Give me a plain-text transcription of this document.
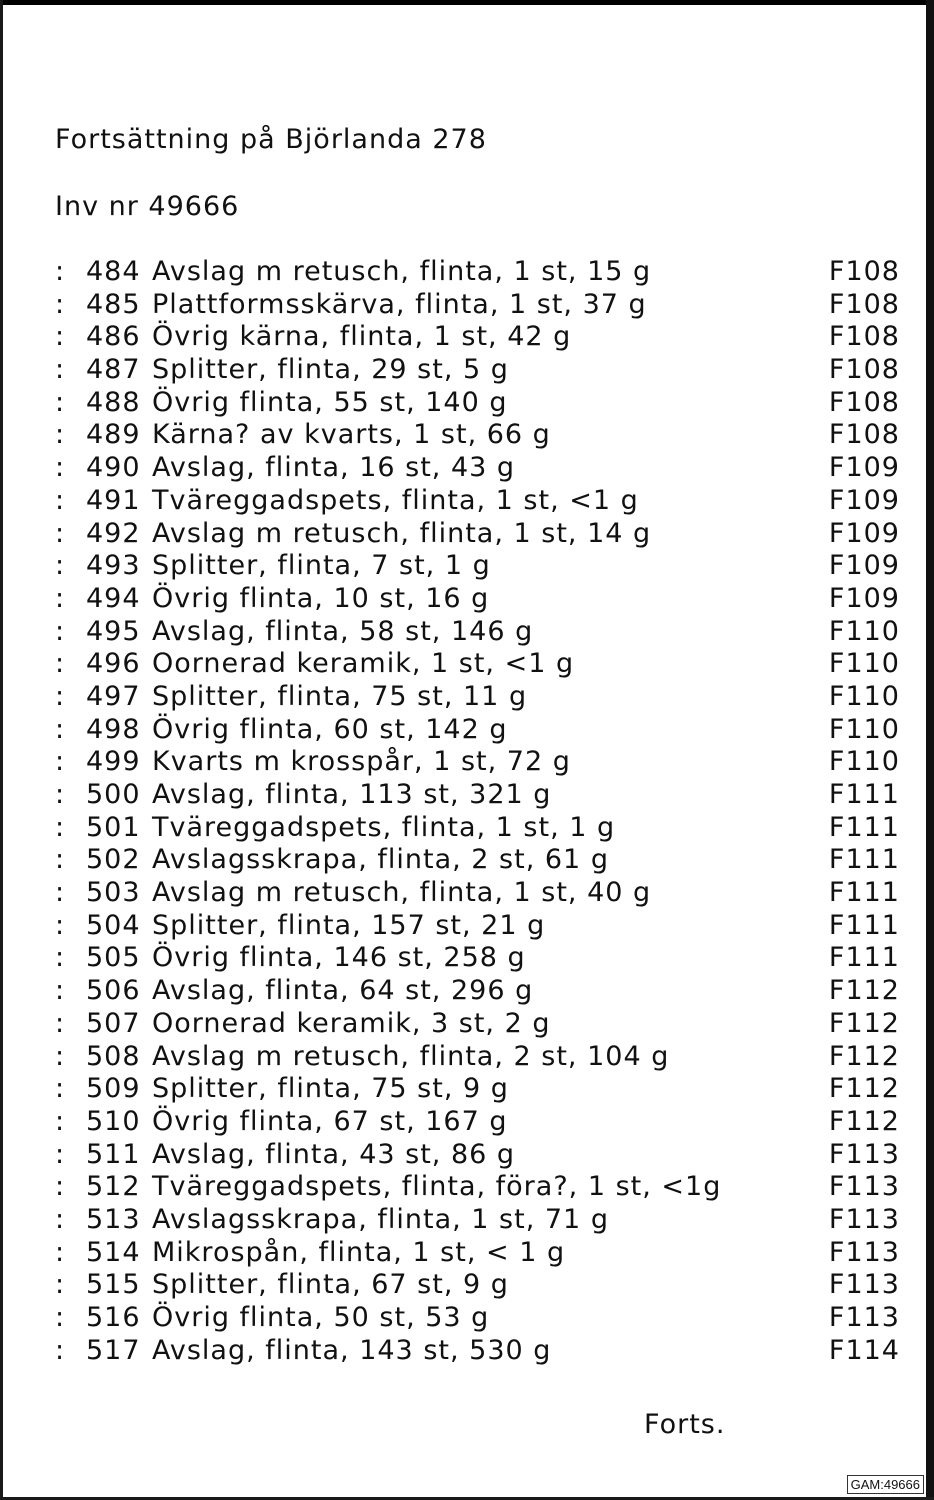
Fortsättning på Björlanda 278
Inv nr 49666
: 484 Avslag m retusch, flinta, 1 st, 15 g	F108
: 485 Plattformsskärva, flinta, 1 st, 37 g	F108
: 486 Övrig kärna, flinta, 1 st, 42 g	F108
: 487 Splitter, flinta, 29 st, 5 g	F108
: 488 Övrig flinta, 55 st, 140 g	F108
: 489 Kärna? av kvarts, 1 st, 66 g	F108
: 490 Avslag, flinta, 16 st, 43 g	F109
: 491 Tväreggadspets, flinta, 1 st, <1 g	F109
: 492 Avslag m retusch, flinta, 1 st, 14 g	F109
: 493 Splitter, flinta, 7 st, 1 g	F109
: 494 Övrig flinta, 10 st, 16 g	F109
: 495 Avslag, flinta, 58 st, 146 g	F110
: 496 Oornerad keramik, 1 st, <1 g	F110
: 497 Splitter, flinta, 75 st, 11 g	F110
: 498 Övrig flinta, 60 st, 142 g	F110
: 499 Kvarts m krosspår, 1 st, 72 g	F110
: 500 Avslag, flinta, 113 st, 321 g	F111
: 501 Tväreggadspets, flinta, 1 st, 1 g	F111
: 502 Avslagsskrapa, flinta, 2 st, 61 g	F111
: 503 Avslag m retusch, flinta, 1 st, 40 g	F111
: 504 Splitter, flinta, 157 st, 21 g	F111
: 505 Övrig flinta, 146 st, 258 g	F111
: 506 Avslag, flinta, 64 st, 296 g	F112
: 507 Oornerad keramik, 3 st, 2 g	F112
: 508 Avslag m retusch, flinta, 2 st, 104 g	F112
: 509 Splitter, flinta, 75 st, 9 g	F112
: 510 Övrig flinta, 67 st, 167 g	F112
: 511 Avslag, flinta, 43 st, 86 g	F113
: 512 Tväreggadspets, flinta, föra?, 1 st, <1g	F113
: 513 Avslagsskrapa, flinta, 1 st, 71 g	F113
: 514 Mikrospån, flinta, 1 st, < 1 g	F113
: 515 Splitter, flinta, 67 st, 9 g	F113
: 516 Övrig flinta, 50 st, 53 g	F113
: 517 Avslag, flinta, 143 st, 530 g	F114
Forts.
GAM:49666
